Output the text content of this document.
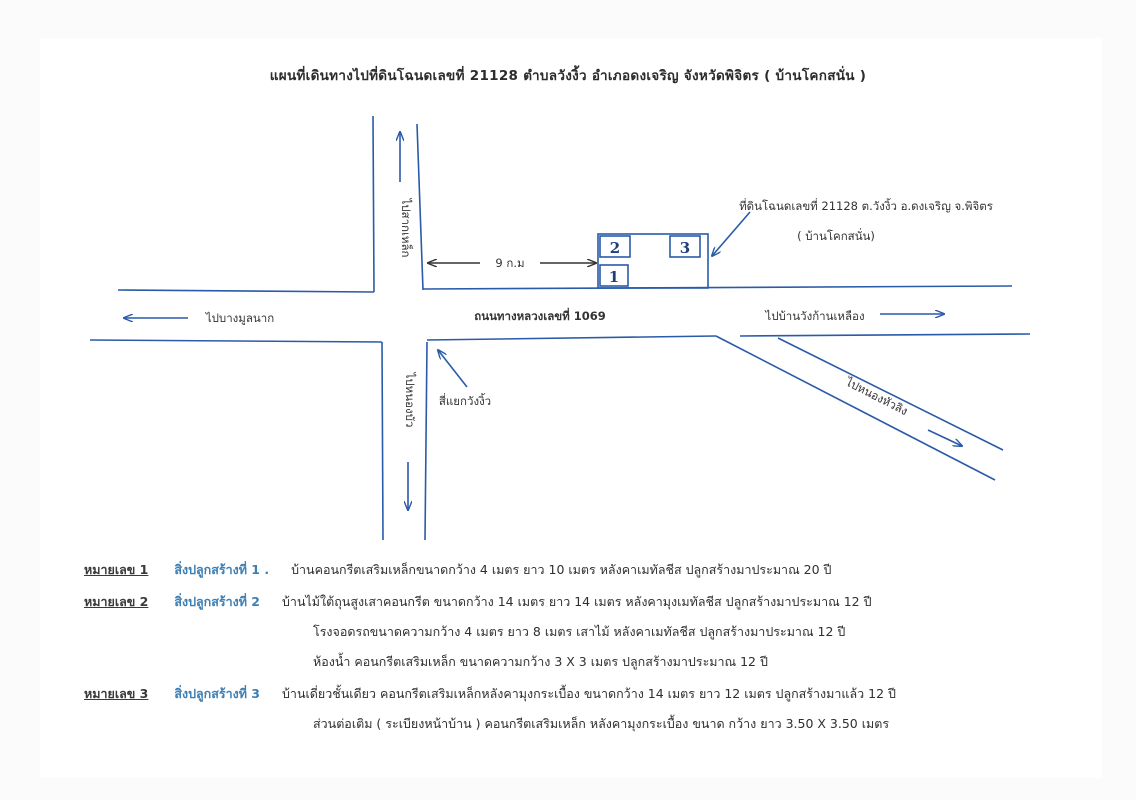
แผนที่เดินทางไปที่ดินโฉนดเลขที่ 21128 ตำบลวังงิ้ว อำเภอดงเจริญ จังหวัดพิจิตร ( บ้านโคกสนั่น )
2
1
3
9 ก.ม
ถนนทางหลวงเลขที่ 1069
ไปบางมูลนาก	ไปบ้านวังก้านเหลือง
ไปหนองหัวลิง
ไปสากเหล็ก
ไปหนองบัว สี่แยกวังงิ้ว
ที่ดินโฉนดเลขที่ 21128 ต.วังงิ้ว อ.ดงเจริญ จ.พิจิตร
( บ้านโคกสนั่น)
หมายเลข 1 สิ่งปลูกสร้างที่ 1 . บ้านคอนกรีตเสริมเหล็กขนาดกว้าง 4 เมตร ยาว 10 เมตร หลังคาเมทัลชีส ปลูกสร้างมาประมาณ 20 ปี
หมายเลข 2 สิ่งปลูกสร้างที่ 2 บ้านไม้ใต้ถุนสูงเสาคอนกรีต ขนาดกว้าง 14 เมตร ยาว 14 เมตร หลังคามุงเมทัลชีส ปลูกสร้างมาประมาณ 12 ปี
โรงจอดรถขนาดความกว้าง 4 เมตร ยาว 8 เมตร เสาไม้ หลังคาเมทัลชีส ปลูกสร้างมาประมาณ 12 ปี
ห้องน้ำ คอนกรีตเสริมเหล็ก ขนาดความกว้าง 3 X 3 เมตร ปลูกสร้างมาประมาณ 12 ปี
หมายเลข 3 สิ่งปลูกสร้างที่ 3 บ้านเดี่ยวชั้นเดียว คอนกรีตเสริมเหล็กหลังคามุงกระเบื้อง ขนาดกว้าง 14 เมตร ยาว 12 เมตร ปลูกสร้างมาแล้ว 12 ปี
ส่วนต่อเติม ( ระเบียงหน้าบ้าน ) คอนกรีตเสริมเหล็ก หลังคามุงกระเบื้อง ขนาด กว้าง ยาว 3.50 X 3.50 เมตร
